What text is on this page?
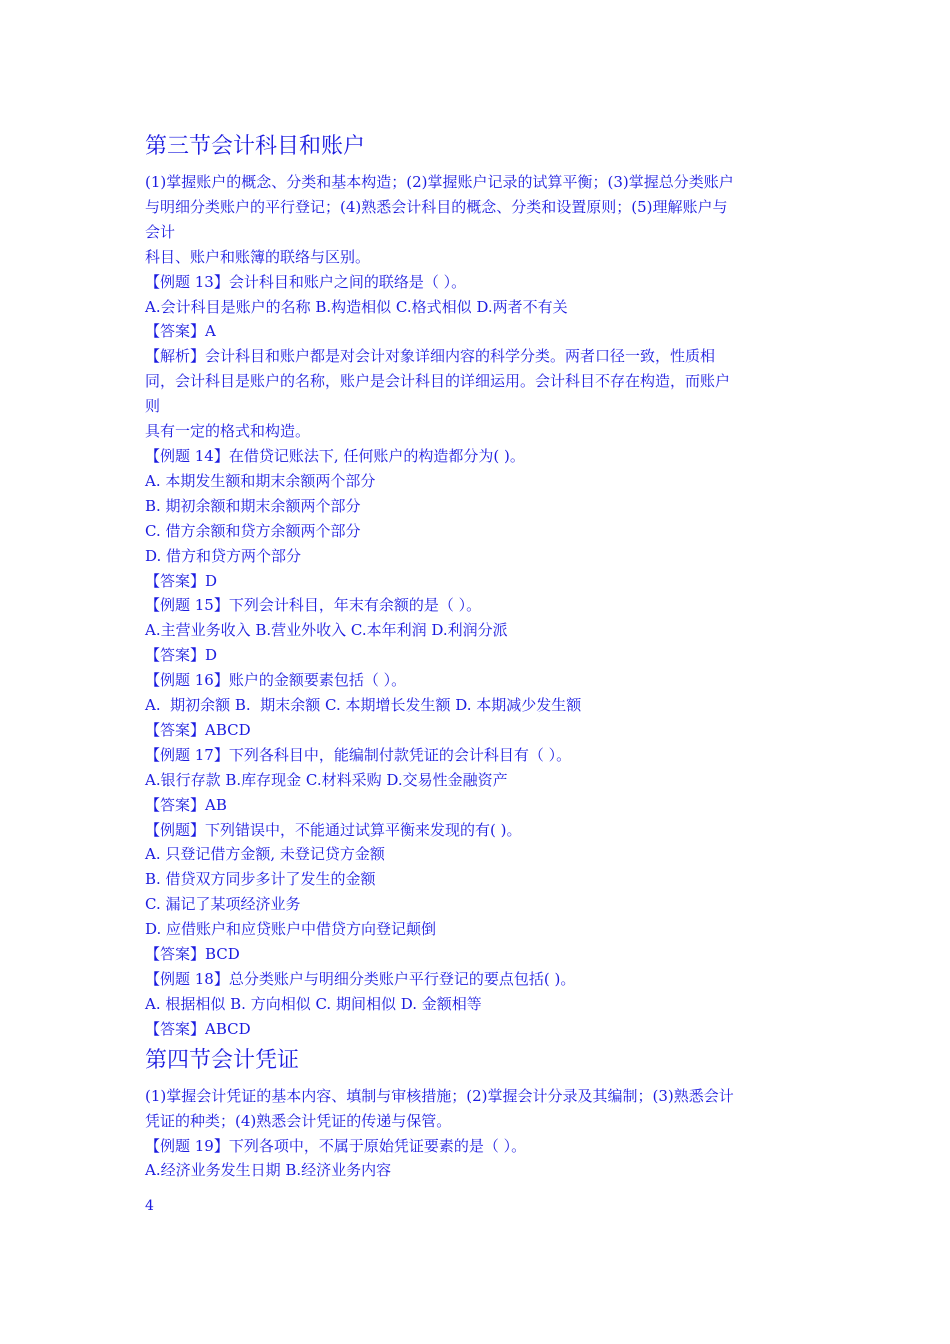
第三节会计科目和账户
(1)掌握账户的概念、分类和基本构造；(2)掌握账户记录的试算平衡；(3)掌握总分类账户
与明细分类账户的平行登记；(4)熟悉会计科目的概念、分类和设置原则；(5)理解账户与
会计
科目、账户和账簿的联络与区别。
【例题 13】会计科目和账户之间的联络是（ ）。
A.会计科目是账户的名称 B.构造相似 C.格式相似 D.两者不有关
【答案】A
【解析】会计科目和账户都是对会计对象详细内容的科学分类。两者口径一致，性质相
同，会计科目是账户的名称，账户是会计科目的详细运用。会计科目不存在构造，而账户
则
具有一定的格式和构造。
【例题 14】在借贷记账法下, 任何账户的构造都分为( )。
A. 本期发生额和期末余额两个部分
B. 期初余额和期末余额两个部分
C. 借方余额和贷方余额两个部分
D. 借方和贷方两个部分
【答案】D
【例题 15】下列会计科目，年末有余额的是（ ）。
A.主营业务收入 B.营业外收入 C.本年利润 D.利润分派
【答案】D
【例题 16】账户的金额要素包括（ ）。
A.  期初余额 B.  期末余额 C. 本期增长发生额 D. 本期减少发生额
【答案】ABCD
【例题 17】下列各科目中，能编制付款凭证的会计科目有（ ）。
A.银行存款 B.库存现金 C.材料采购 D.交易性金融资产
【答案】AB
【例题】下列错误中，不能通过试算平衡来发现的有( )。
A. 只登记借方金额, 未登记贷方金额
B. 借贷双方同步多计了发生的金额
C. 漏记了某项经济业务
D. 应借账户和应贷账户中借贷方向登记颠倒
【答案】BCD
【例题 18】总分类账户与明细分类账户平行登记的要点包括( )。
A. 根据相似 B. 方向相似 C. 期间相似 D. 金额相等
【答案】ABCD
第四节会计凭证
(1)掌握会计凭证的基本内容、填制与审核措施；(2)掌握会计分录及其编制；(3)熟悉会计
凭证的种类；(4)熟悉会计凭证的传递与保管。
【例题 19】下列各项中，不属于原始凭证要素的是（ ）。
A.经济业务发生日期 B.经济业务内容
4
